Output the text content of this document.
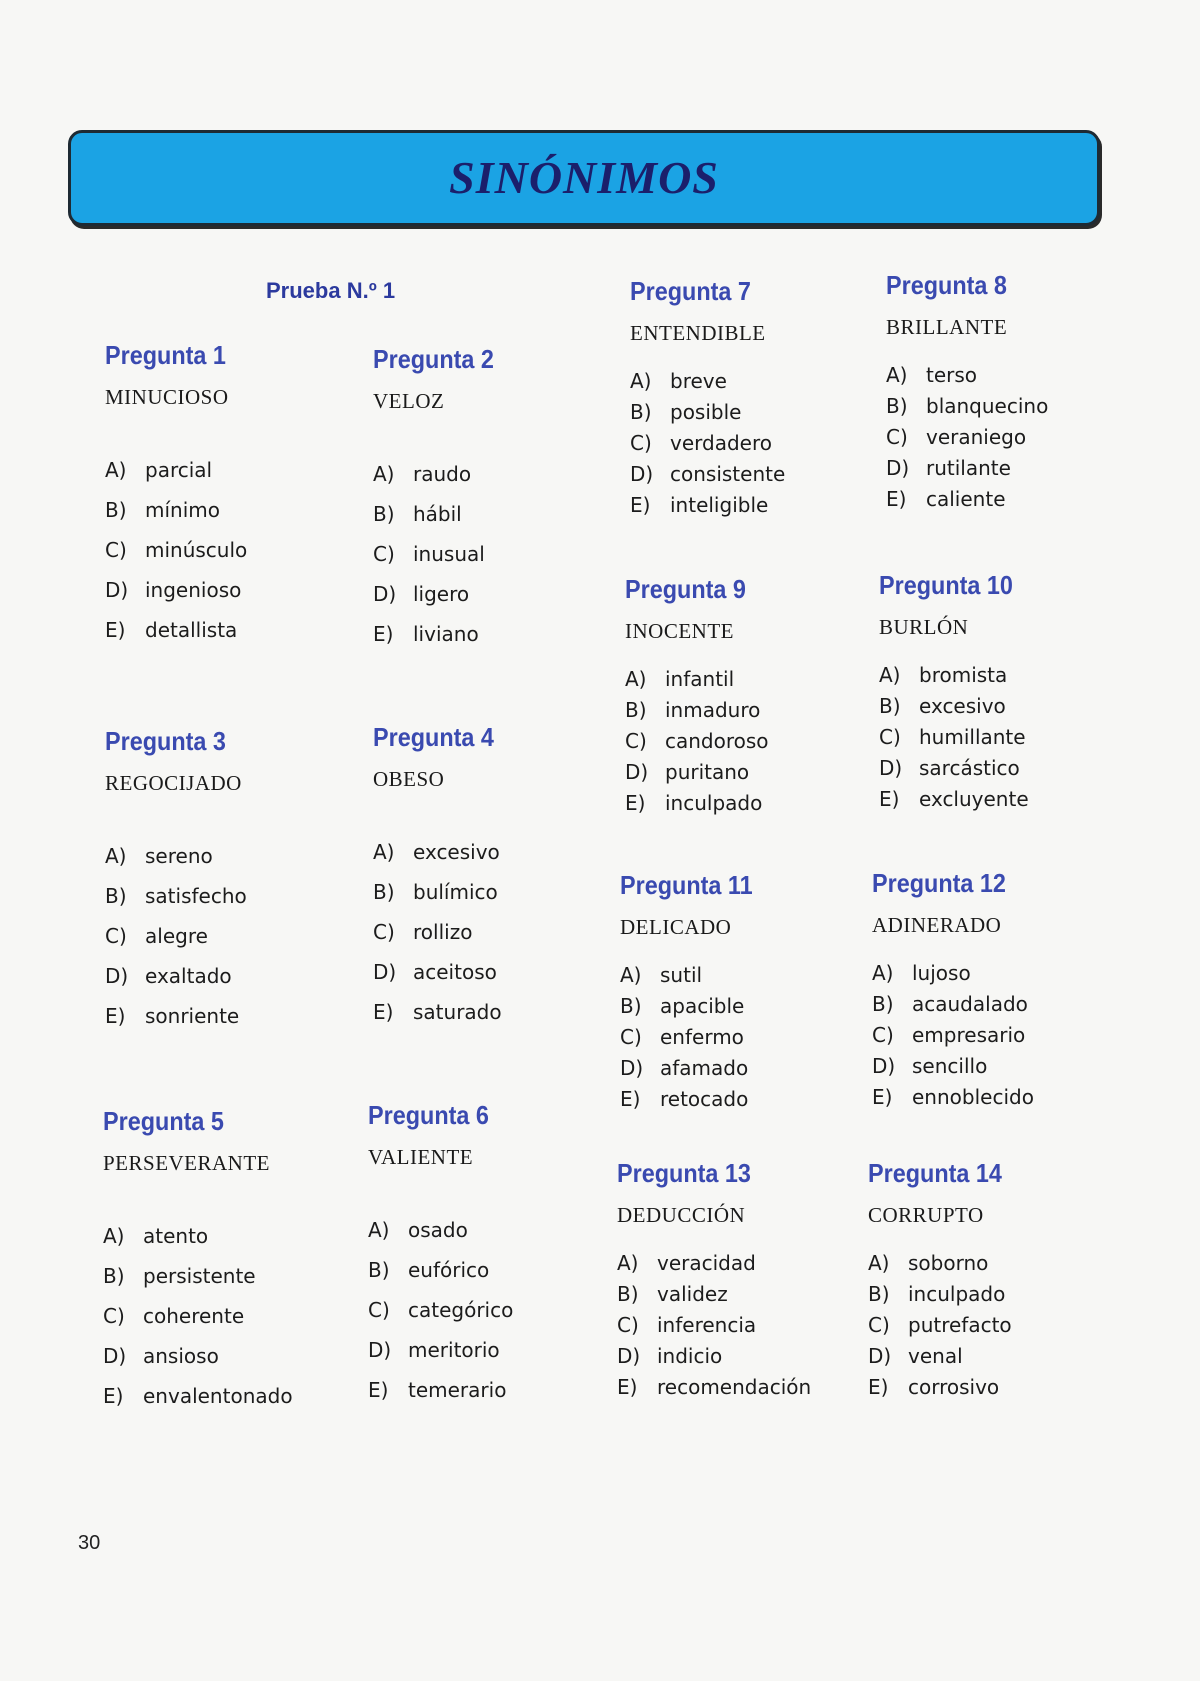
SINÓNIMOS
Prueba N.º 1
Pregunta 1
MINUCIOSO
A) parcial
B) mínimo
C) minúsculo
D) ingenioso
E) detallista
Pregunta 2
VELOZ
A) raudo
B) hábil
C) inusual
D) ligero
E) liviano
Pregunta 3
REGOCIJADO
A) sereno
B) satisfecho
C) alegre
D) exaltado
E) sonriente
Pregunta 4
OBESO
A) excesivo
B) bulímico
C) rollizo
D) aceitoso
E) saturado
Pregunta 5
PERSEVERANTE
A) atento
B) persistente
C) coherente
D) ansioso
E) envalentonado
Pregunta 6
VALIENTE
A) osado
B) eufórico
C) categórico
D) meritorio
E) temerario
Pregunta 7
ENTENDIBLE
A) breve
B) posible
C) verdadero
D) consistente
E) inteligible
Pregunta 8
BRILLANTE
A) terso
B) blanquecino
C) veraniego
D) rutilante
E) caliente
Pregunta 9
INOCENTE
A) infantil
B) inmaduro
C) candoroso
D) puritano
E) inculpado
Pregunta 10
BURLÓN
A) bromista
B) excesivo
C) humillante
D) sarcástico
E) excluyente
Pregunta 11
DELICADO
A) sutil
B) apacible
C) enfermo
D) afamado
E) retocado
Pregunta 12
ADINERADO
A) lujoso
B) acaudalado
C) empresario
D) sencillo
E) ennoblecido
Pregunta 13
DEDUCCIÓN
A) veracidad
B) validez
C) inferencia
D) indicio
E) recomendación
Pregunta 14
CORRUPTO
A) soborno
B) inculpado
C) putrefacto
D) venal
E) corrosivo
30
